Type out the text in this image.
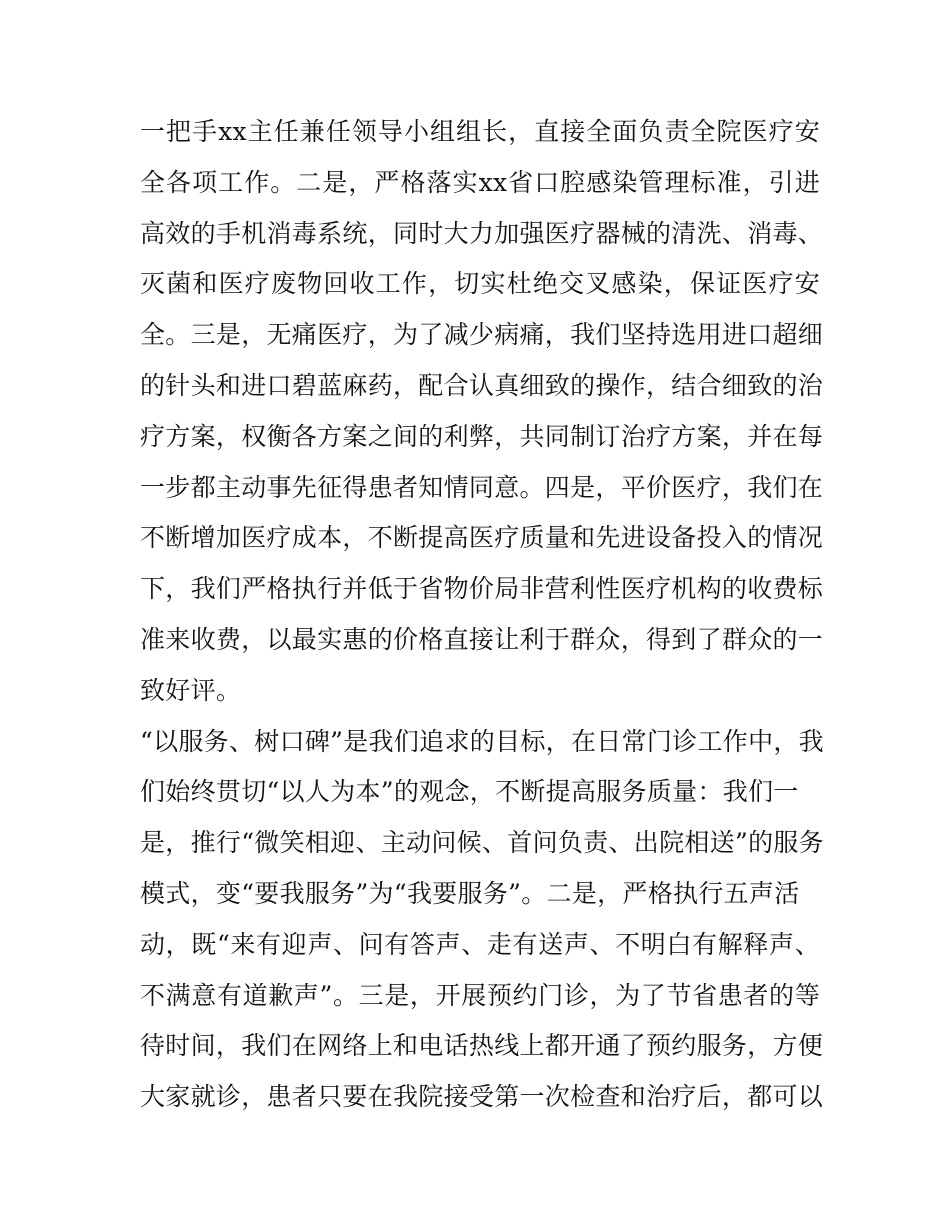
一把手xx主任兼任领导小组组长，直接全面负责全院医疗安
全各项工作。二是，严格落实xx省口腔感染管理标准，引进
高效的手机消毒系统，同时大力加强医疗器械的清洗、消毒、
灭菌和医疗废物回收工作，切实杜绝交叉感染，保证医疗安
全。三是，无痛医疗，为了减少病痛，我们坚持选用进口超细
的针头和进口碧蓝麻药，配合认真细致的操作，结合细致的治
疗方案，权衡各方案之间的利弊，共同制订治疗方案，并在每
一步都主动事先征得患者知情同意。四是，平价医疗，我们在
不断增加医疗成本，不断提高医疗质量和先进设备投入的情况
下，我们严格执行并低于省物价局非营利性医疗机构的收费标
准来收费，以最实惠的价格直接让利于群众，得到了群众的一
致好评。
“以服务、树口碑”是我们追求的目标，在日常门诊工作中，我
们始终贯切“以人为本”的观念，不断提高服务质量：我们一
是，推行“微笑相迎、主动问候、首问负责、出院相送”的服务
模式，变“要我服务”为“我要服务”。二是，严格执行五声活
动，既“来有迎声、问有答声、走有送声、不明白有解释声、
不满意有道歉声”。三是，开展预约门诊，为了节省患者的等
待时间，我们在网络上和电话热线上都开通了预约服务，方便
大家就诊，患者只要在我院接受第一次检查和治疗后，都可以
